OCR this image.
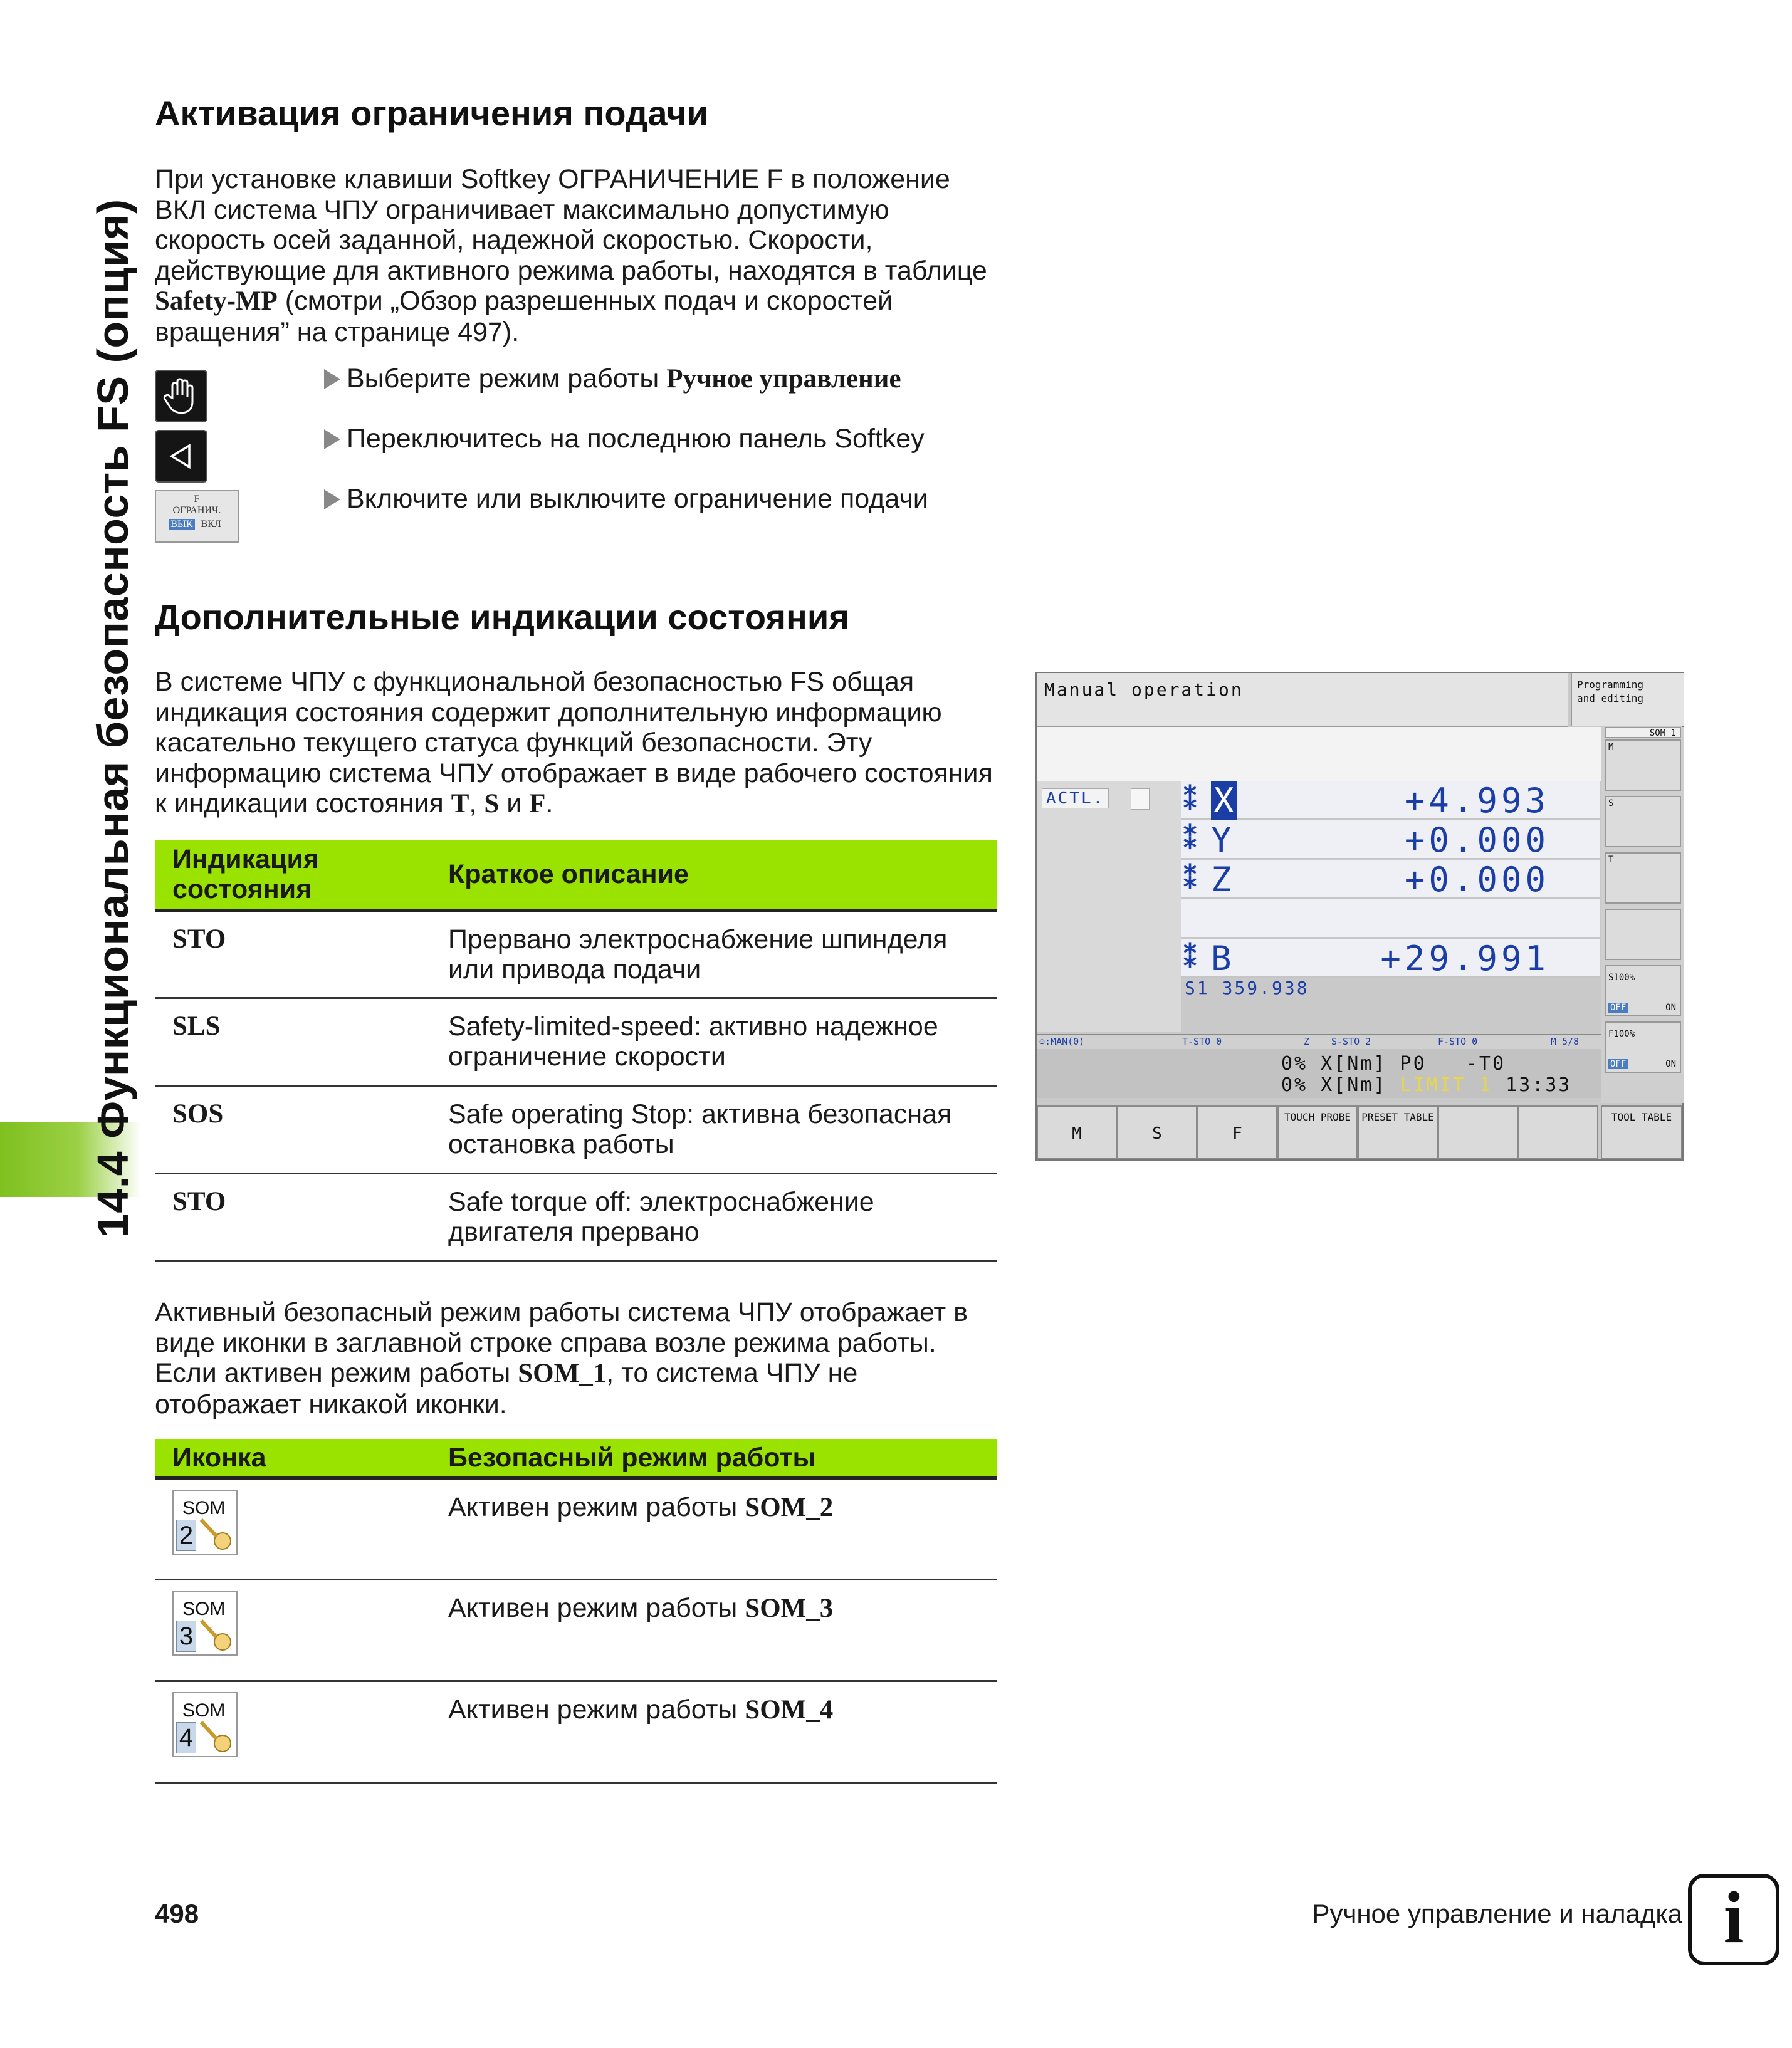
14.4 Функциональная безопасность FS (опция)
Активация ограничения подачи

При установке клавиши Softkey ОГРАНИЧЕНИЕ F в положение
ВКЛ система ЧПУ ограничивает максимально допустимую
скорость осей заданной, надежной скоростью. Скорости,
действующие для активного режима работы, находятся в таблице
Safety-MP (смотри „Обзор разрешенных подач и скоростей
вращения” на странице 497).

F
ОГРАНИЧ.
ВЫК ВКЛ
Выберите режим работы Ручное управление
Переключитесь на последнюю панель Softkey
Включите или выключите ограничение подачи
Дополнительные индикации состояния

В системе ЧПУ с функциональной безопасностью FS общая
индикация состояния содержит дополнительную информацию
касательно текущего статуса функций безопасности. Эту
информацию система ЧПУ отображает в виде рабочего состояния
к индикации состояния T, S и F.

Индикация состояния	Краткое описание
STO	Прервано электроснабжение шпинделя или привода подачи
SLS	Safety-limited-speed: активно надежное ограничение скорости
SOS	Safe operating Stop: активна безопасная остановка работы
STO	Safe torque off: электроснабжение двигателя прервано

Активный безопасный режим работы система ЧПУ отображает в
виде иконки в заглавной строке справа возле режима работы.
Если активен режим работы SOM_1, то система ЧПУ не
отображает никакой иконки.

Иконка	Безопасный режим работы

SOM
2	Активен режим работы SOM_2

SOM
3	Активен режим работы SOM_3

SOM
4	Активен режим работы SOM_4
Manual operation	Programming
and editing
ACTL.	⁑ X	+4.993
⁑ Y	+0.000
⁑ Z	+0.000
⁑ B	+29.991
S1 359.938
⊕:MAN(0)	T-STO 0	Z S-STO 2	F-STO 0	M 5/8
0% X[Nm] P0   -T0
0% X[Nm] LIMIT 1 13:33
SOM_1
M
S
T
S100%
OFF	ON
F100%
OFF	ON
M	S	F
TOUCH PROBE	PRESET TABLE	TOOL TABLE
498	Ручное управление и наладка i
